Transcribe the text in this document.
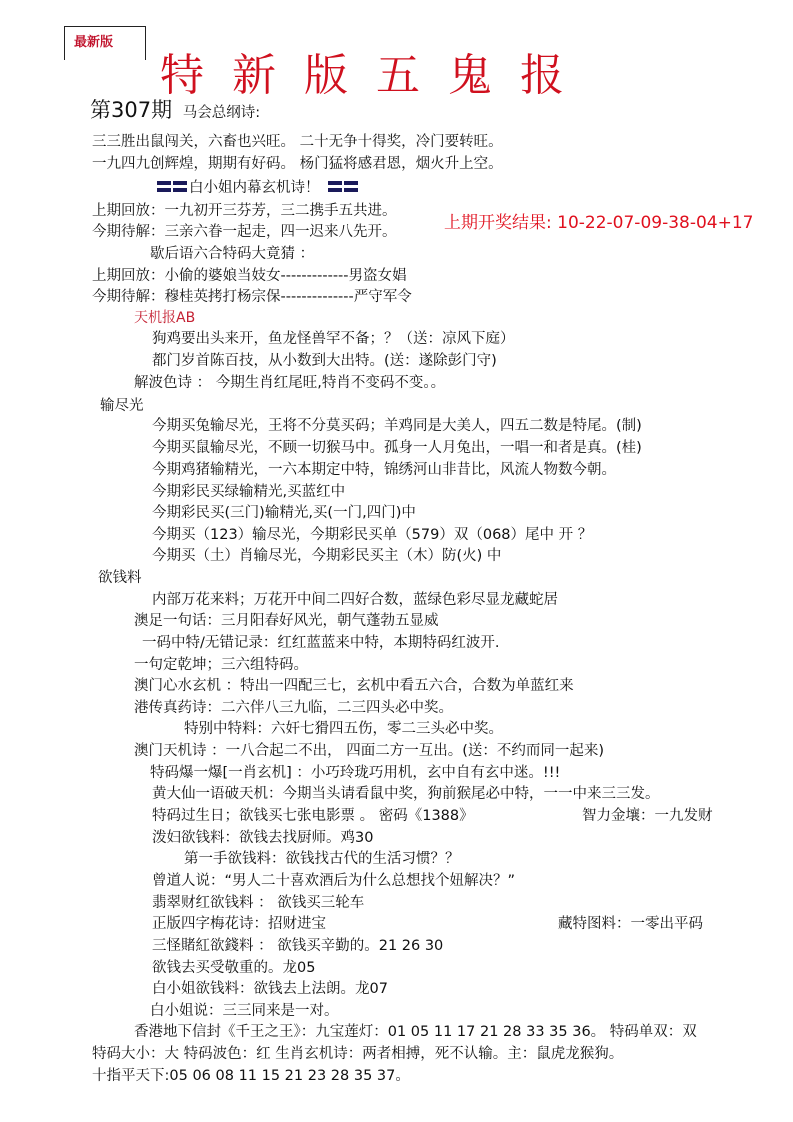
最新版
特新版五鬼报
第307期 马会总纲诗:
三三胜出鼠闯关，六畜也兴旺。 二十无争十得奖，冷门要转旺。
一九四九创辉煌，期期有好码。 杨门猛将感君恩，烟火升上空。
白小姐内幕玄机诗！
上期回放：一九初开三芬芳，三二携手五共进。
今期待解：三亲六眷一起走，四一迟来八先开。	上期开奖结果: 10-22-07-09-38-04+17
歇后语六合特码大竟猜 ：
上期回放：小偷的婆娘当妓女-------------男盗女娼
今期待解：穆桂英拷打杨宗保--------------严守军令
天机报AB
狗鸡要出头来开，鱼龙怪兽罕不备；？（送：凉风下庭）
都门岁首陈百技，从小数到大出特。(送：遂除彭门守)
解波色诗 ： 今期生肖红尾旺,特肖不变码不变。。
输尽光
今期买兔输尽光，王将不分莫买码；羊鸡同是大美人，四五二数是特尾。(制)
今期买鼠输尽光，不顾一切猴马中。孤身一人月兔出，一唱一和者是真。(桂)
今期鸡猪输精光，一六本期定中特，锦绣河山非昔比，风流人物数今朝。
今期彩民买绿输精光,买蓝红中
今期彩民买(三门)输精光,买(一门,四门)中
今期买（123）输尽光，今期彩民买单（579）双（068）尾中 开 ？
今期买（土）肖输尽光，今期彩民买主（木）防(火) 中
欲钱料
内部万花来料；万花开中间二四好合数，蓝绿色彩尽显龙藏蛇居
澳足一句话：三月阳春好风光，朝气蓬勃五显威
一码中特/无错记录：红红蓝蓝来中特，本期特码红波开.
一句定乾坤；三六组特码。
澳门心水玄机 ：特出一四配三七，玄机中看五六合，合数为单蓝红来
港传真药诗：二六伴八三九临，二三四头必中奖。
特别中特料：六奸七猾四五伤，零二三头必中奖。
澳门天机诗 ：一八合起二不出， 四面二方一互出。(送：不约而同一起来)
特码爆一爆[一肖玄机] ：小巧玲珑巧用机，玄中自有玄中迷。!!!
黄大仙一语破天机：今期当头请看鼠中奖，狗前猴尾必中特，一一中来三三发。
特码过生日；欲钱买七张电影票 。 密码《1388》	智力金壤：一九发财
泼妇欲钱料：欲钱去找厨师。鸡30
第一手欲钱料：欲钱找古代的生活习惯？？
曾道人说：“男人二十喜欢酒后为什么总想找个妞解决？”
翡翠财红欲钱料 ： 欲钱买三轮车
正版四字梅花诗：招财进宝	藏特图料：一零出平码
三怪賭紅欲錢料 ： 欲钱买辛勤的。21 26 30
欲钱去买受敬重的。龙05
白小姐欲钱料：欲钱去上法朗。龙07
白小姐说：三三同来是一对。
香港地下信封《千王之王》：九宝莲灯：01 05 11 17 21 28 33 35 36。 特码单双：双
特码大小：大 特码波色：红 生肖玄机诗：两者相搏，死不认输。主：鼠虎龙猴狗。
十指平天下:05 06 08 11 15 21 23 28 35 37。
